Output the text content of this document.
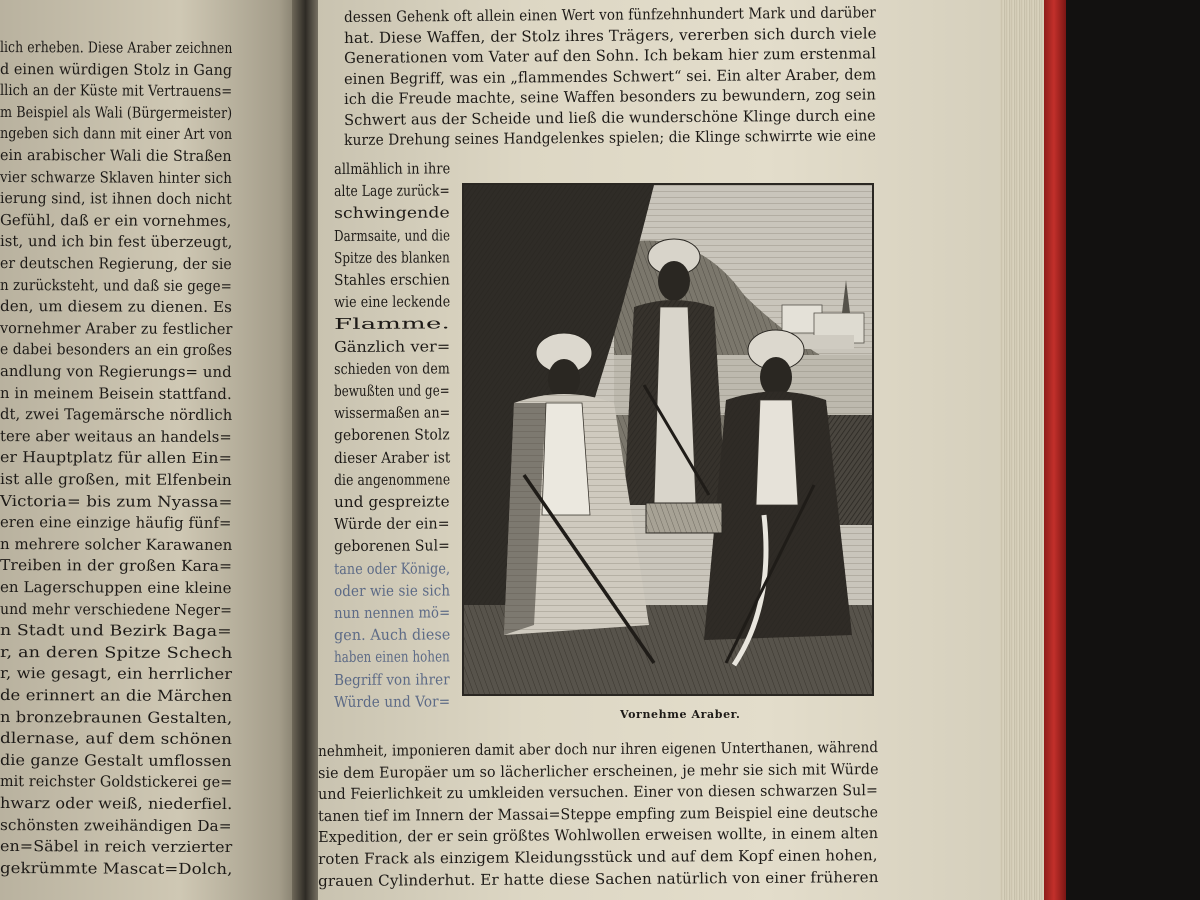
lich erheben. Diese Araber zeichnen
d einen würdigen Stolz in Gang
llich an der Küste mit Vertrauens=
m Beispiel als Wali (Bürgermeister)
ngeben sich dann mit einer Art von
ein arabischer Wali die Straßen
vier schwarze Sklaven hinter sich
ierung sind, ist ihnen doch nicht
Gefühl, daß er ein vornehmes,
ist, und ich bin fest überzeugt,
er deutschen Regierung, der sie
n zurücksteht, und daß sie gege=
den, um diesem zu dienen. Es
vornehmer Araber zu festlicher
e dabei besonders an ein großes
andlung von Regierungs= und
n in meinem Beisein stattfand.
dt, zwei Tagemärsche nördlich
tere aber weitaus an handels=
er Hauptplatz für allen Ein=
ist alle großen, mit Elfenbein
Victoria= bis zum Nyassa=
eren eine einzige häufig fünf=
n mehrere solcher Karawanen
Treiben in der großen Kara=
en Lagerschuppen eine kleine
und mehr verschiedene Neger=
n Stadt und Bezirk Baga=
r, an deren Spitze Schech
r, wie gesagt, ein herrlicher
de erinnert an die Märchen
n bronzebraunen Gestalten,
dlernase, auf dem schönen
die ganze Gestalt umflossen
mit reichster Goldstickerei ge=
hwarz oder weiß, niederfiel.
schönsten zweihändigen Da=
en=Säbel in reich verzierter
gekrümmte Mascat=Dolch,
dessen Gehenk oft allein einen Wert von fünfzehnhundert Mark und darüber
hat. Diese Waffen, der Stolz ihres Trägers, vererben sich durch viele
Generationen vom Vater auf den Sohn. Ich bekam hier zum erstenmal
einen Begriff, was ein „flammendes Schwert“ sei. Ein alter Araber, dem
ich die Freude machte, seine Waffen besonders zu bewundern, zog sein
Schwert aus der Scheide und ließ die wunderschöne Klinge durch eine
kurze Drehung seines Handgelenkes spielen; die Klinge schwirrte wie eine
allmählich in ihre
alte Lage zurück=
schwingende
Darmsaite, und die
Spitze des blanken
Stahles erschien
wie eine leckende
Flamme.
Gänzlich ver=
schieden von dem
bewußten und ge=
wissermaßen an=
geborenen Stolz
dieser Araber ist
die angenommene
und gespreizte
Würde der ein=
geborenen Sul=
tane oder Könige,
oder wie sie sich
nun nennen mö=
gen. Auch diese
haben einen hohen
Begriff von ihrer
Würde und Vor=
nehmheit, imponieren damit aber doch nur ihren eigenen Unterthanen, während
sie dem Europäer um so lächerlicher erscheinen, je mehr sie sich mit Würde
und Feierlichkeit zu umkleiden versuchen. Einer von diesen schwarzen Sul=
tanen tief im Innern der Massai=Steppe empfing zum Beispiel eine deutsche
Expedition, der er sein größtes Wohlwollen erweisen wollte, in einem alten
roten Frack als einzigem Kleidungsstück und auf dem Kopf einen hohen,
grauen Cylinderhut. Er hatte diese Sachen natürlich von einer früheren
Vornehme Araber.
